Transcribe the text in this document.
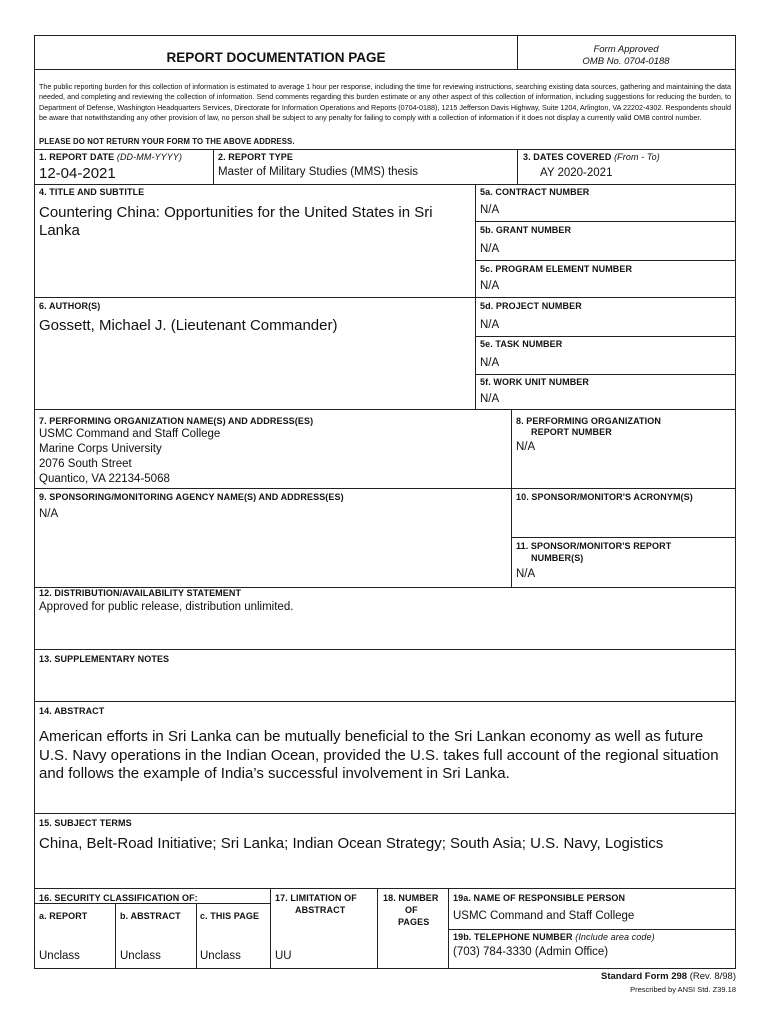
REPORT DOCUMENTATION PAGE
Form Approved
OMB No. 0704-0188
The public reporting burden for this collection of information is estimated to average 1 hour per response, including the time for reviewing instructions, searching existing data sources, gathering and maintaining the data needed, and completing and reviewing the collection of information. Send comments regarding this burden estimate or any other aspect of this collection of information, including suggestions for reducing the burden, to Department of Defense, Washington Headquarters Services, Directorate for Information Operations and Reports (0704-0188), 1215 Jefferson Davis Highway, Suite 1204, Arlington, VA 22202-4302. Respondents should be aware that notwithstanding any other provision of law, no person shall be subject to any penalty for failing to comply with a collection of information if it does not display a currently valid OMB control number.
PLEASE DO NOT RETURN YOUR FORM TO THE ABOVE ADDRESS.
1. REPORT DATE (DD-MM-YYYY)
12-04-2021
2. REPORT TYPE
Master of Military Studies (MMS) thesis
3. DATES COVERED (From - To)
AY 2020-2021
4. TITLE AND SUBTITLE
Countering China: Opportunities for the United States in Sri
Lanka
6. AUTHOR(S)
Gossett, Michael J. (Lieutenant Commander)
5a. CONTRACT NUMBER
N/A
5b. GRANT NUMBER
N/A
5c. PROGRAM ELEMENT NUMBER
N/A
5d. PROJECT NUMBER
N/A
5e. TASK NUMBER
N/A
5f. WORK UNIT NUMBER
N/A
7. PERFORMING ORGANIZATION NAME(S) AND ADDRESS(ES)
USMC Command and Staff College
Marine Corps University
2076 South Street
Quantico, VA 22134-5068
8. PERFORMING ORGANIZATION
REPORT NUMBER
N/A
9. SPONSORING/MONITORING AGENCY NAME(S) AND ADDRESS(ES)
N/A
10. SPONSOR/MONITOR'S ACRONYM(S)
11. SPONSOR/MONITOR'S REPORT
NUMBER(S)
N/A
12. DISTRIBUTION/AVAILABILITY STATEMENT
Approved for public release, distribution unlimited.
13. SUPPLEMENTARY NOTES
14. ABSTRACT
American efforts in Sri Lanka can be mutually beneficial to the Sri Lankan economy as well as future
U.S. Navy operations in the Indian Ocean, provided the U.S. takes full account of the regional situation
and follows the example of India’s successful involvement in Sri Lanka.
15. SUBJECT TERMS
China, Belt-Road Initiative; Sri Lanka; Indian Ocean Strategy; South Asia; U.S. Navy, Logistics
16. SECURITY CLASSIFICATION OF:
a. REPORT	b. ABSTRACT c. THIS PAGE
Unclass	Unclass	Unclass
17. LIMITATION OF
ABSTRACT
UU
18. NUMBER
OF
PAGES
19a. NAME OF RESPONSIBLE PERSON
USMC Command and Staff College
19b. TELEPHONE NUMBER (Include area code)
(703) 784-3330 (Admin Office)
Standard Form 298 (Rev. 8/98)
Prescribed by ANSI Std. Z39.18
